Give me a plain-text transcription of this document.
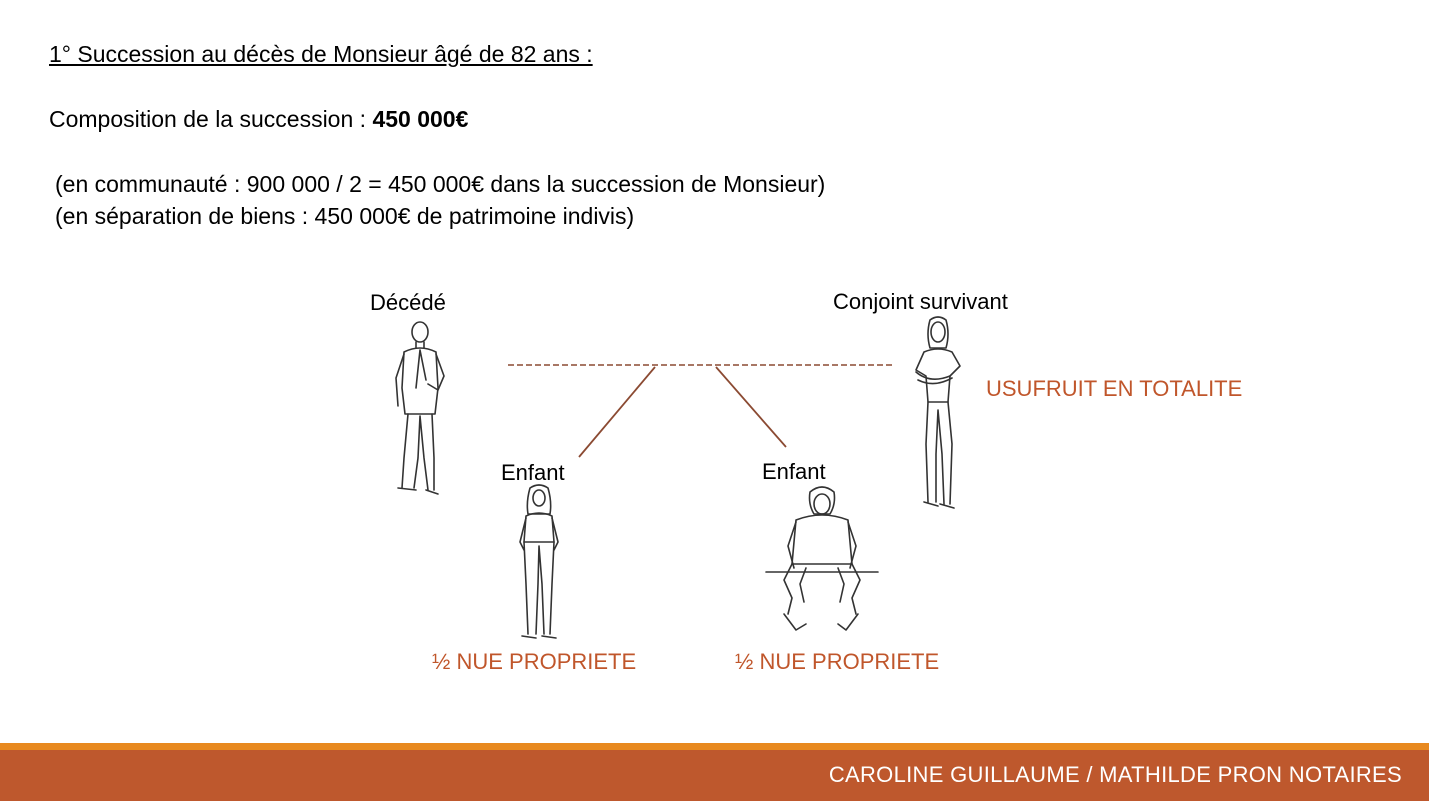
1° Succession au décès de Monsieur âgé de 82 ans :
Composition de la succession : 450 000€
(en communauté : 900 000 / 2 = 450 000€ dans la succession de Monsieur)
(en séparation de biens : 450 000€ de patrimoine indivis)
Décédé	Conjoint survivant
USUFRUIT EN TOTALITE
Enfant	Enfant
½ NUE PROPRIETE	½ NUE PROPRIETE
CAROLINE GUILLAUME / MATHILDE PRON NOTAIRES
